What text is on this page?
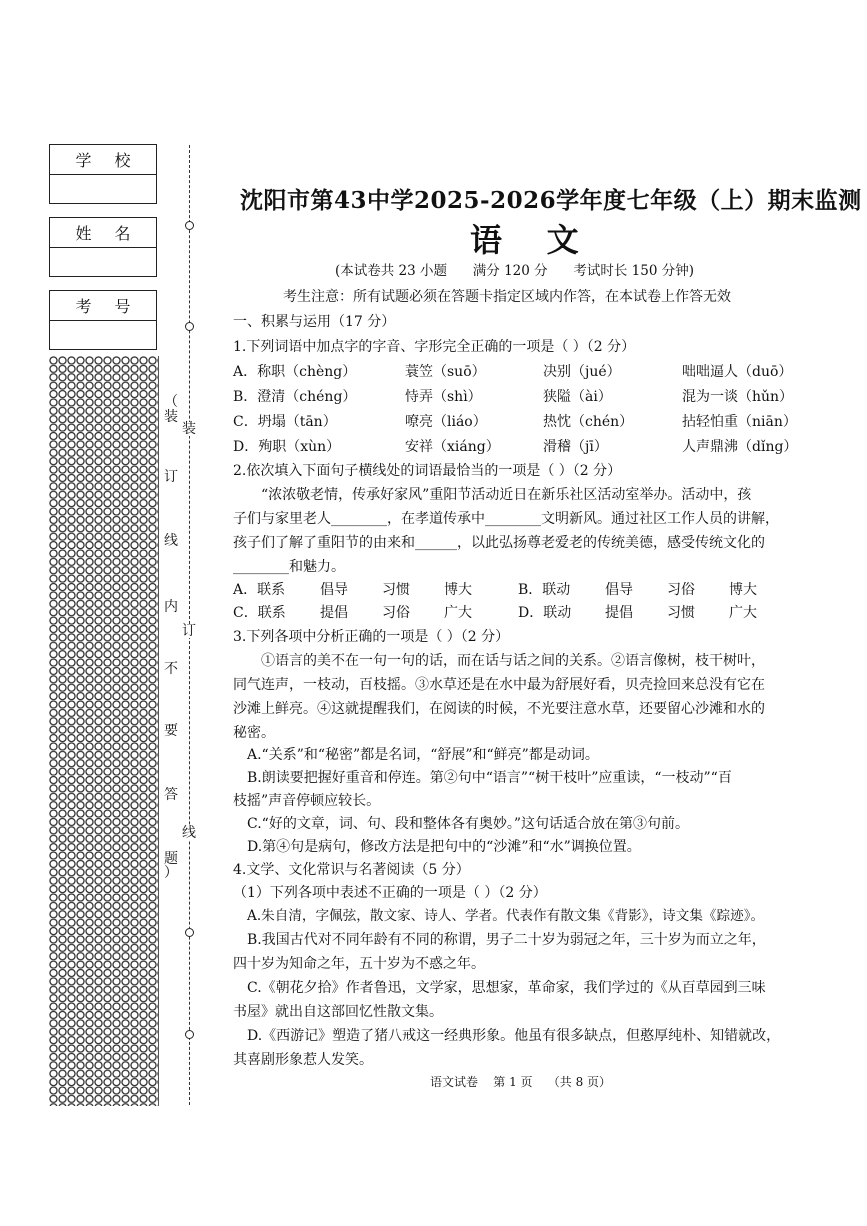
学 校
姓 名
考 号
（
装
订
线
内
不
要
答
题
）
装
订
线
沈阳市第43中学2025-2026学年度七年级（上）期末监测
语    文
(本试卷共 23 小题      满分 120 分      考试时长 150 分钟)
考生注意：所有试题必须在答题卡指定区域内作答，在本试卷上作答无效
一、积累与运用（17 分）
1.下列词语中加点字的字音、字形完全正确的一项是（ ）（2 分）
A．称职（chèng）	蓑笠（suō）	决别（jué）	咄咄逼人（duō）
B．澄清（chéng）	恃弄（shì）	狭隘（ài）	混为一谈（hǔn）
C．坍塌（tān）	嘹亮（liáo）	热忱（chén）	拈轻怕重（niān）
D．殉职（xùn）	安祥（xiáng）	滑稽（jī）	人声鼎沸（dǐng）
2.依次填入下面句子横线处的词语最恰当的一项是（ ）（2 分）
“浓浓敬老情，传承好家风”重阳节活动近日在新乐社区活动室举办。活动中，孩
子们与家里老人________，在孝道传承中________文明新风。通过社区工作人员的讲解，
孩子们了解了重阳节的由来和______，以此弘扬尊老爱老的传统美德，感受传统文化的
________和魅力。
A．联系 倡导 习惯 博大	B．联动 倡导 习俗 博大
C．联系 提倡 习俗 广大	D．联动 提倡 习惯 广大
3.下列各项中分析正确的一项是（ ）（2 分）
①语言的美不在一句一句的话，而在话与话之间的关系。②语言像树，枝干树叶，
同气连声，一枝动，百枝摇。③水草还是在水中最为舒展好看，贝壳捡回来总没有它在
沙滩上鲜亮。④这就提醒我们，在阅读的时候，不光要注意水草，还要留心沙滩和水的
秘密。
A.“关系”和“秘密”都是名词，“舒展”和“鲜亮”都是动词。
B.朗读要把握好重音和停连。第②句中“语言”“树干枝叶”应重读，“一枝动”“百
枝摇”声音停顿应较长。
C.“好的文章，词、句、段和整体各有奥妙。”这句话适合放在第③句前。
D.第④句是病句，修改方法是把句中的“沙滩”和“水”调换位置。
4.文学、文化常识与名著阅读（5 分）
（1）下列各项中表述不正确的一项是（ ）（2 分）
A.朱自清，字佩弦，散文家、诗人、学者。代表作有散文集《背影》，诗文集《踪迹》。
B.我国古代对不同年龄有不同的称谓，男子二十岁为弱冠之年，三十岁为而立之年，
四十岁为知命之年，五十岁为不惑之年。
C.《朝花夕拾》作者鲁迅，文学家，思想家，革命家，我们学过的《从百草园到三味
书屋》就出自这部回忆性散文集。
D.《西游记》塑造了猪八戒这一经典形象。他虽有很多缺点，但憨厚纯朴、知错就改，
其喜剧形象惹人发笑。
语文试卷    第 1 页    （共 8 页）
